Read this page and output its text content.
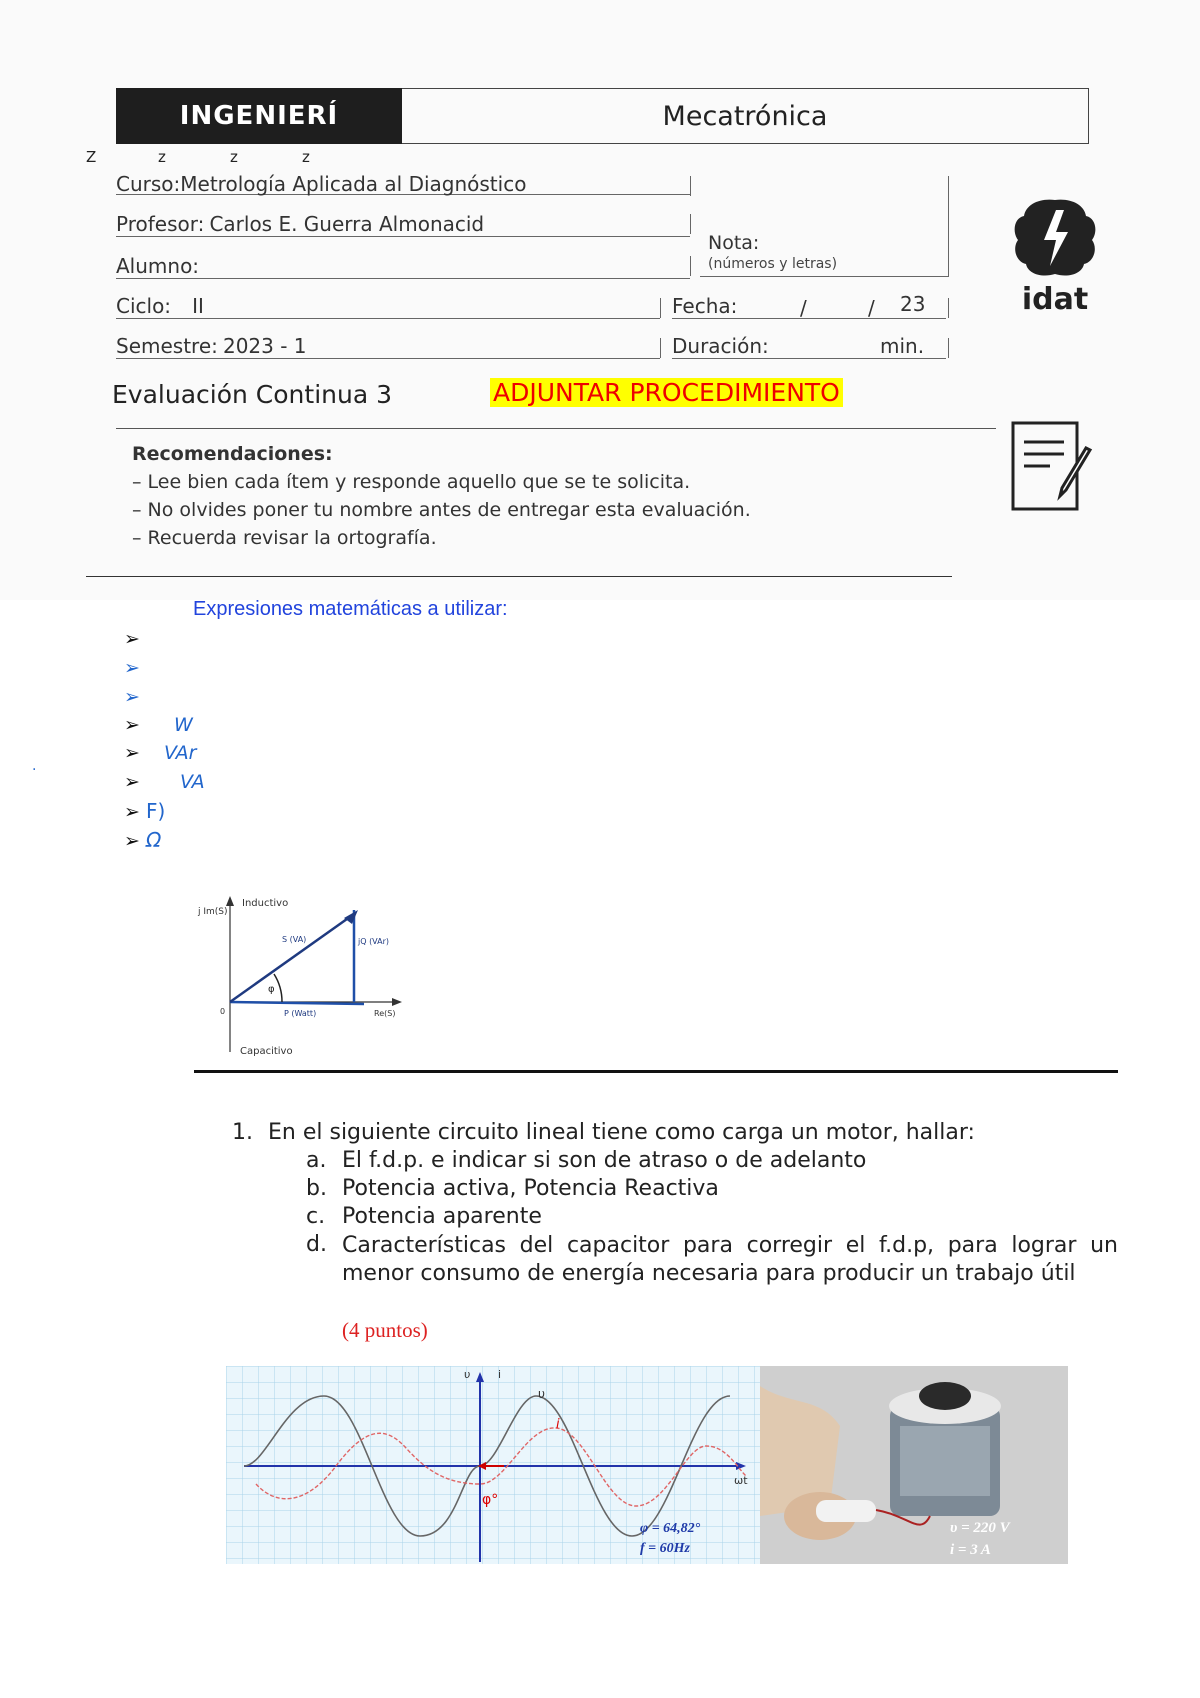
INGENIERÍ	Mecatrónica
Z	z	z	z
Curso:Metrología Aplicada al Diagnóstico
Profesor: Carlos E. Guerra Almonacid
Alumno:
Nota:
(números y letras)
idat
Ciclo: II	Fecha:	/	/ 23
Semestre: 2023 - 1	Duración:	min.
Evaluación Continua 3	ADJUNTAR PROCEDIMIENTO
Recomendaciones:
– Lee bien cada ítem y responde aquello que se te solicita.
– No olvides poner tu nombre antes de entregar esta evaluación.
– Recuerda revisar la ortografía.
Expresiones matemáticas a utilizar:
➢
➢
➢
➢ W
➢ VAr
➢ VA
➢ F)
➢ Ω
.
j Im(S)
Inductivo
S (VA)	jQ (VAr)
P (Watt)	Re(S)
0
φ
Capacitivo
1. En el siguiente circuito lineal tiene como carga un motor, hallar:
a. El f.d.p. e indicar si son de atraso o de adelanto
b. Potencia activa, Potencia Reactiva
c. Potencia aparente
d. Características del capacitor para corregir el f.d.p, para lograr un menor consumo de energía necesaria para producir un trabajo útil
(4 puntos)
υ	i
υ
i
ωt
φ°
φ = 64,82°
f = 60Hz
υ = 220 V
i = 3 A
